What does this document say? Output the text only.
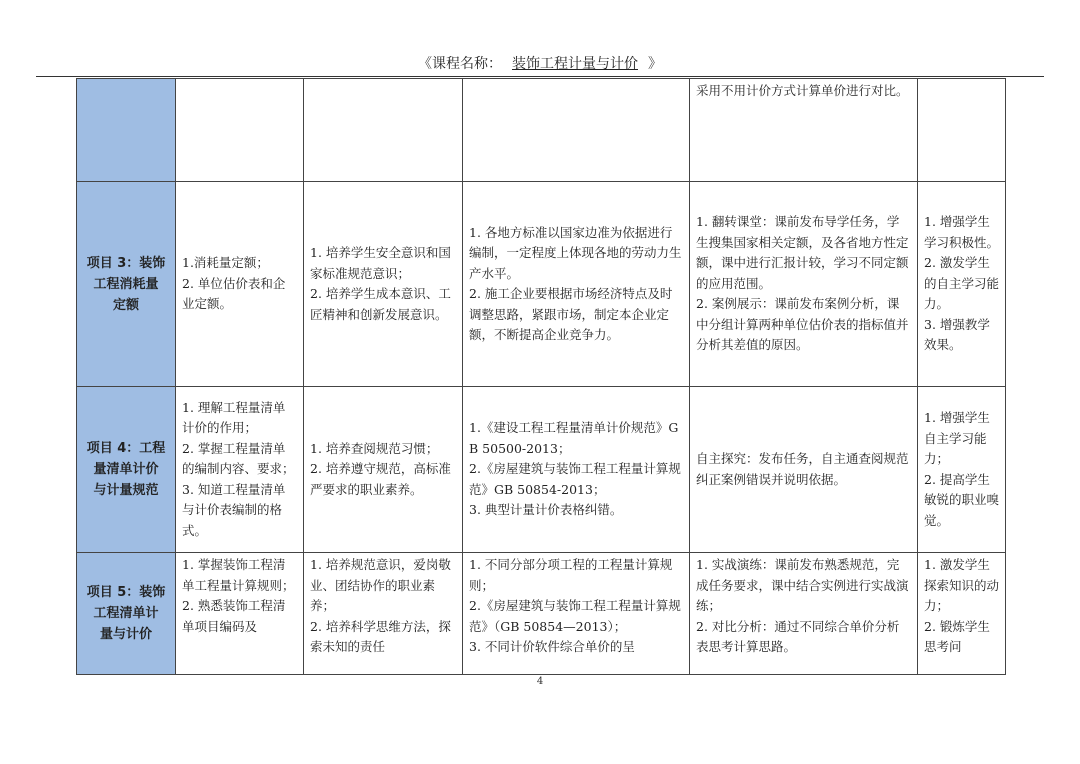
《课程名称： 装饰工程计量与计价 》

				采用不用计价方式计算单价进行对比。	

项目 3：装饰
工程消耗量
定额	1.消耗量定额；
2. 单位估价表和企业定额。	1. 培养学生安全意识和国家标准规范意识；
2. 培养学生成本意识、工匠精神和创新发展意识。	1. 各地方标准以国家边准为依据进行编制，一定程度上体现各地的劳动力生产水平。
2. 施工企业要根据市场经济特点及时调整思路，紧跟市场，制定本企业定额，不断提高企业竞争力。	1. 翻转课堂：课前发布导学任务，学生搜集国家相关定额，及各省地方性定额，课中进行汇报计较，学习不同定额的应用范围。
2. 案例展示：课前发布案例分析，课中分组计算两种单位估价表的指标值并分析其差值的原因。	1. 增强学生学习积极性。
2. 激发学生的自主学习能力。
3. 增强教学效果。

项目 4：工程
量清单计价
与计量规范	1. 理解工程量清单计价的作用；
2. 掌握工程量清单的编制内容、要求；
3. 知道工程量清单与计价表编制的格式。	1. 培养查阅规范习惯；
2. 培养遵守规范，高标准严要求的职业素养。	1.《建设工程工程量清单计价规范》GB 50500-2013；
2.《房屋建筑与装饰工程工程量计算规范》GB 50854-2013；
3. 典型计量计价表格纠错。	自主探究：发布任务，自主通查阅规范纠正案例错误并说明依据。	1. 增强学生自主学习能力；
2. 提高学生敏锐的职业嗅觉。

项目 5：装饰
工程清单计
量与计价	1. 掌握装饰工程清单工程量计算规则；
2. 熟悉装饰工程清单项目编码及	1. 培养规范意识，爱岗敬业、团结协作的职业素养；
2. 培养科学思维方法，探索未知的责任	1. 不同分部分项工程的工程量计算规则；
2.《房屋建筑与装饰工程工程量计算规范》（GB 50854—2013）；
3. 不同计价软件综合单价的呈	1. 实战演练：课前发布熟悉规范，完成任务要求，课中结合实例进行实战演练；
2. 对比分析：通过不同综合单价分析表思考计算思路。	1. 激发学生探索知识的动力；
2. 锻炼学生思考问
4
